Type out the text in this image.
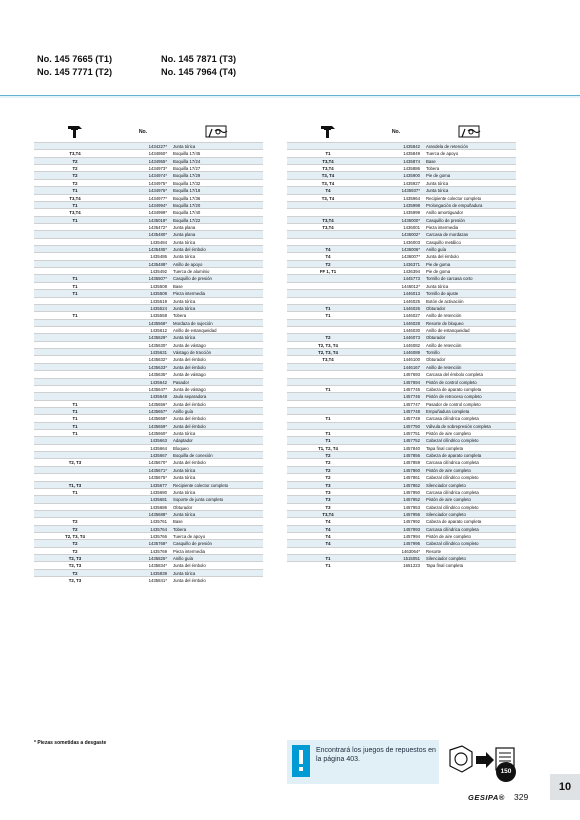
No. 145 7665 (T1)
No. 145 7771 (T2)
No. 145 7871 (T3)
No. 145 7964 (T4)
No.
1434227*	Junta tórica
T3,T4	1434860*	Boquilla 17/45
T2	1434955*	Boquilla 17/24
T2	1434973*	Boquilla 17/27
T2	1434974*	Boquilla 17/29
T2	1434975*	Boquilla 17/32
T1	1434976*	Boquilla 17/18
T3,T4	1434977*	Boquilla 17/36
T1	1434994*	Boquilla 17/20
T3,T4	1434999*	Boquilla 17/40
T1	1435018*	Boquilla 17/22
1435472*	Junta plana
1435480*	Junta plana
1435484	Junta tórica
1435485*	Junta del émbolo
1435486	Junta tórica
1435488*	Anillo de apoyo
1435492	Tuerca de aluminio
T1	1435507*	Casquillo de presión
T1	1435508	Base
T1	1435509	Pieza intermedia
1435519	Junta tórica
1435524	Junta tórica
T1	1435558	Tobera
1435568*	Mordaza de sujeción
1435612	Anillo de estanqueidad
1435629*	Junta tórica
1435630*	Junta de vástago
1435631	Vástago de tracción
1435632*	Junta del émbolo
1435633*	Junta del émbolo
1435635*	Junta de vástago
1435642	Pasador
1435647*	Junta de vástago
1435648	Jaula separadora
T1	1435656*	Junta del émbolo
T1	1435657*	Anillo guía
T1	1435658*	Junta del émbolo
T1	1435659*	Junta del émbolo
T1	1435660*	Junta tórica
1435663	Adaptador
1435664	Bloqueo
1435667	Boquilla de conexión
T2, T3	1435670*	Junta del émbolo
1435671*	Junta tórica
1435675*	Junta tórica
T1, T3	1435677	Recipiente colector completo
T1	1435680	Junta tórica
1435681	Soporte de junta completo
1435686	Obturador
1435688*	Junta tórica
T2	1435761	Base
T2	1435764	Tobera
T2, T3, T4	1435766	Tuerca de apoyo
T2	1435768*	Casquillo de presión
T2	1435769	Pieza intermedia
T2, T3	1435825*	Anillo guía
T2, T3	1435834*	Junta del émbolo
T2	1435839	Junta tórica
T2, T3	1435841*	Junta del émbolo
No.
1435842	Arandela de retención
T1	1435849	Tuerca de apoyo
T3,T4	1435874	Base
T3,T4	1435886	Tobera
T3, T4	1435900	Pie de goma
T3, T4	1435927	Junta tórica
T4	1435937*	Junta tórica
T3, T4	1435964	Recipiente colector completo
1435998	Prolongación de empuñadura
1435999	Anillo amortiguador
T3,T4	1436000*	Casquillo de presión
T3,T4	1436001	Pieza intermedia
1436002*	Carcasa de mordazas
1436003	Casquillo metálico
T4	1436006*	Anillo guía
T4	1436007*	Junta del émbolo
T2	1436371	Pie de goma
FF 1, T1	1436394	Pie de goma
1445773	Tornillo de carcasa corto
1446012*	Junta tórica
1446013	Tornillo de ajuste
1446025	Botón de activación
T1	1446026	Obturador
T1	1446027	Anillo de retención
1446028	Resorte de bloqueo
1446030	Anillo de estanqueidad
T2	1446073	Obturador
T2, T3, T4	1446082	Anillo de retención
T2, T3, T4	1446089	Tornillo
T3,T4	1446100	Obturador
1446167	Anillo de retención
1457693	Carcasa del émbolo completa
1457694	Pistón de control completo
T1	1457745	Cabeza de aparato completa
1457746	Pistón de retroceso completo
1457747	Pasador de control completo
1457748	Empuñadura completa
T1	1457749	Carcasa cilíndrica completa
1457750	Válvula de sobrepresión completa
T1	1457751	Pistón de aire completo
T1	1457752	Cabezal cilíndrico completo
T1, T2, T4	1457840	Tapa final completa
T2	1457856	Cabeza de aparato completa
T2	1457859	Carcasa cilíndrica completa
T2	1457860	Pistón de aire completo
T2	1457861	Cabezal cilíndrico completo
T3	1457862	Silenciador completo
T3	1457950	Carcasa cilíndrica completa
T3	1457952	Pistón de aire completo
T3	1457953	Cabezal cilíndrico completo
T3,T4	1457956	Silenciador completo
T4	1457992	Cabeza de aparato completa
T4	1457993	Carcasa cilíndrica completa
T4	1457994	Pistón de aire completo
T4	1457995	Cabezal cilíndrico completo
1463064*	Resorte
T1	1515051	Silenciador completo
T1	1651223	Tapa final completa
* Piezas sometidas a desgaste
Encontrará los juegos de repuestos en la página 403.
150
10
GESIPA® 329
